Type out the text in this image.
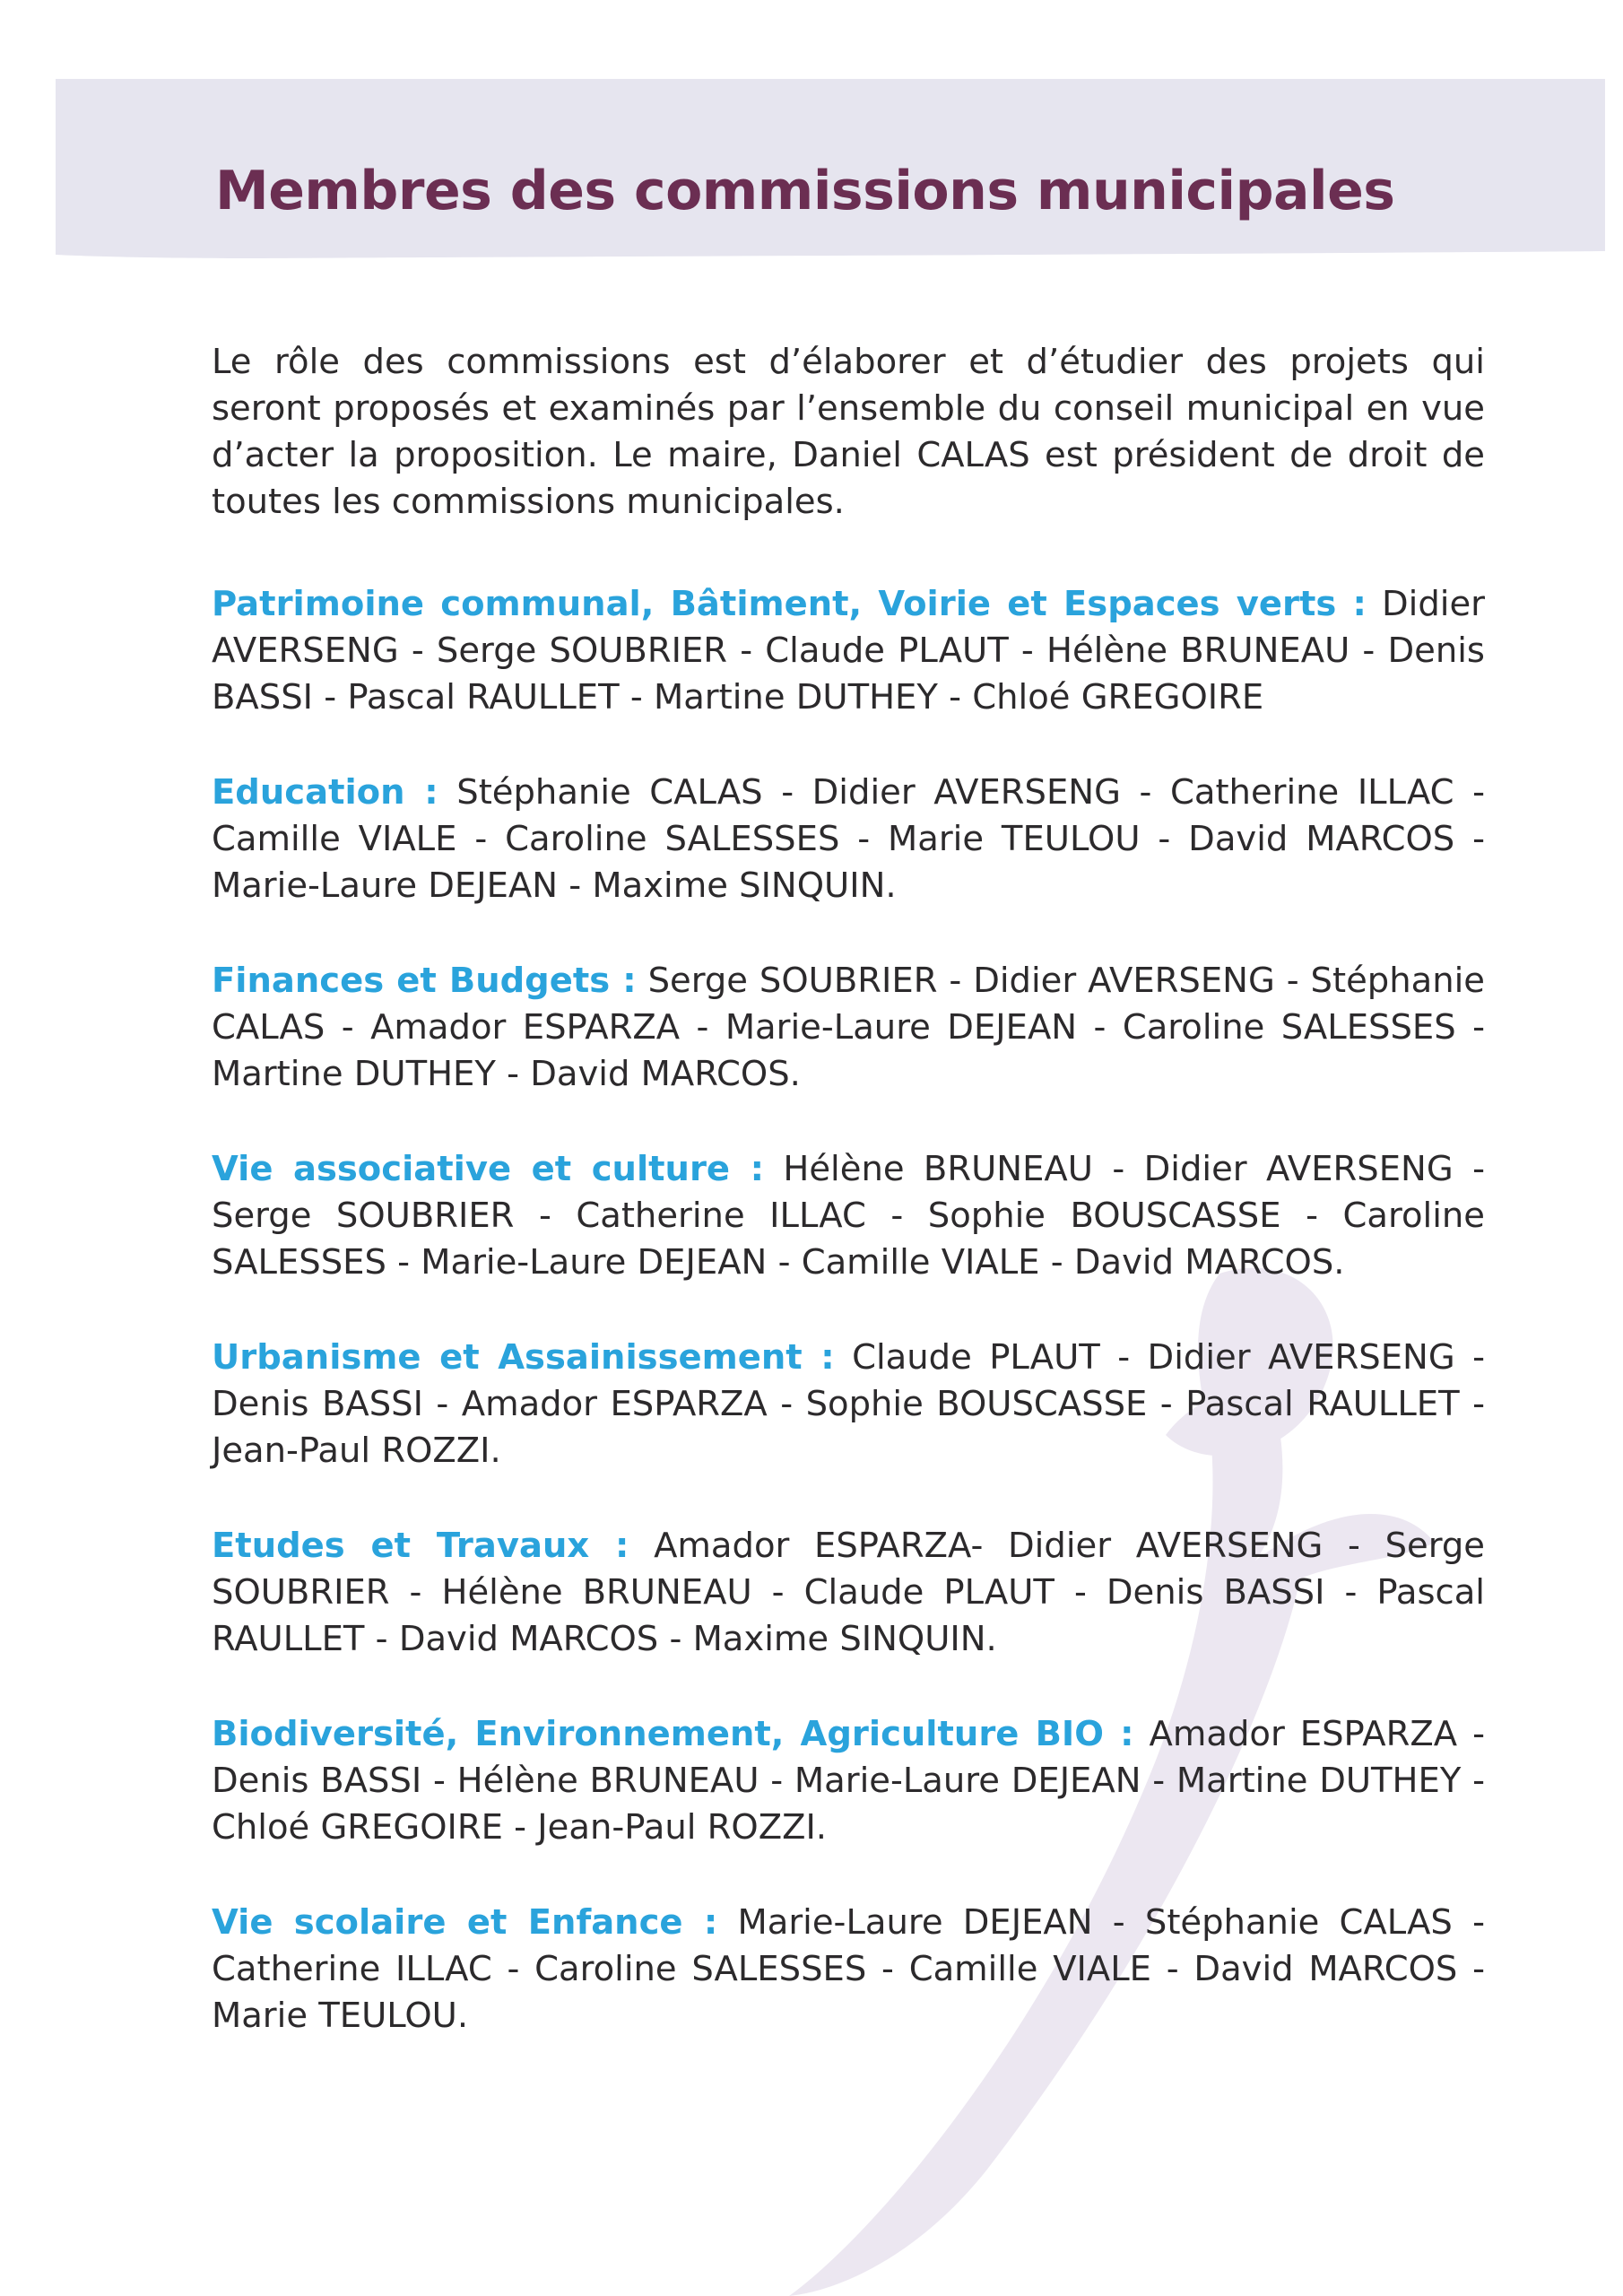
Membres des commissions municipales

Le rôle des commissions est d’élaborer et d’étudier des projets qui seront proposés et examinés par l’ensemble du conseil municipal en vue d’acter la proposition. Le maire, Daniel CALAS est président de droit de toutes les commissions municipales.

Patrimoine communal, Bâtiment, Voirie et Espaces verts : Didier AVERSENG - Serge SOUBRIER - Claude PLAUT - Hélène BRUNEAU - Denis BASSI - Pascal RAULLET - Martine DUTHEY - Chloé GREGOIRE

Education : Stéphanie CALAS - Didier AVERSENG - Catherine ILLAC - Camille VIALE - Caroline SALESSES - Marie TEULOU - David MARCOS - Marie-Laure DEJEAN - Maxime SINQUIN.

Finances et Budgets : Serge SOUBRIER - Didier AVERSENG - Stéphanie CALAS - Amador ESPARZA - Marie-Laure DEJEAN - Caroline SALESSES - Martine DUTHEY - David MARCOS.

Vie associative et culture : Hélène BRUNEAU - Didier AVERSENG - Serge SOUBRIER - Catherine ILLAC - Sophie BOUSCASSE - Caroline SALESSES - Marie-Laure DEJEAN - Camille VIALE - David MARCOS.

Urbanisme et Assainissement : Claude PLAUT - Didier AVERSENG - Denis BASSI - Amador ESPARZA - Sophie BOUSCASSE - Pascal RAULLET - Jean-Paul ROZZI.

Etudes et Travaux : Amador ESPARZA- Didier AVERSENG - Serge SOUBRIER - Hélène BRUNEAU - Claude PLAUT - Denis BASSI - Pascal RAULLET - David MARCOS - Maxime SINQUIN.

Biodiversité, Environnement, Agriculture BIO : Amador ESPARZA - Denis BASSI - Hélène BRUNEAU - Marie-Laure DEJEAN - Martine DUTHEY - Chloé GREGOIRE - Jean-Paul ROZZI.

Vie scolaire et Enfance : Marie-Laure DEJEAN - Stéphanie CALAS - Catherine ILLAC - Caroline SALESSES - Camille VIALE - David MARCOS - Marie TEULOU.
